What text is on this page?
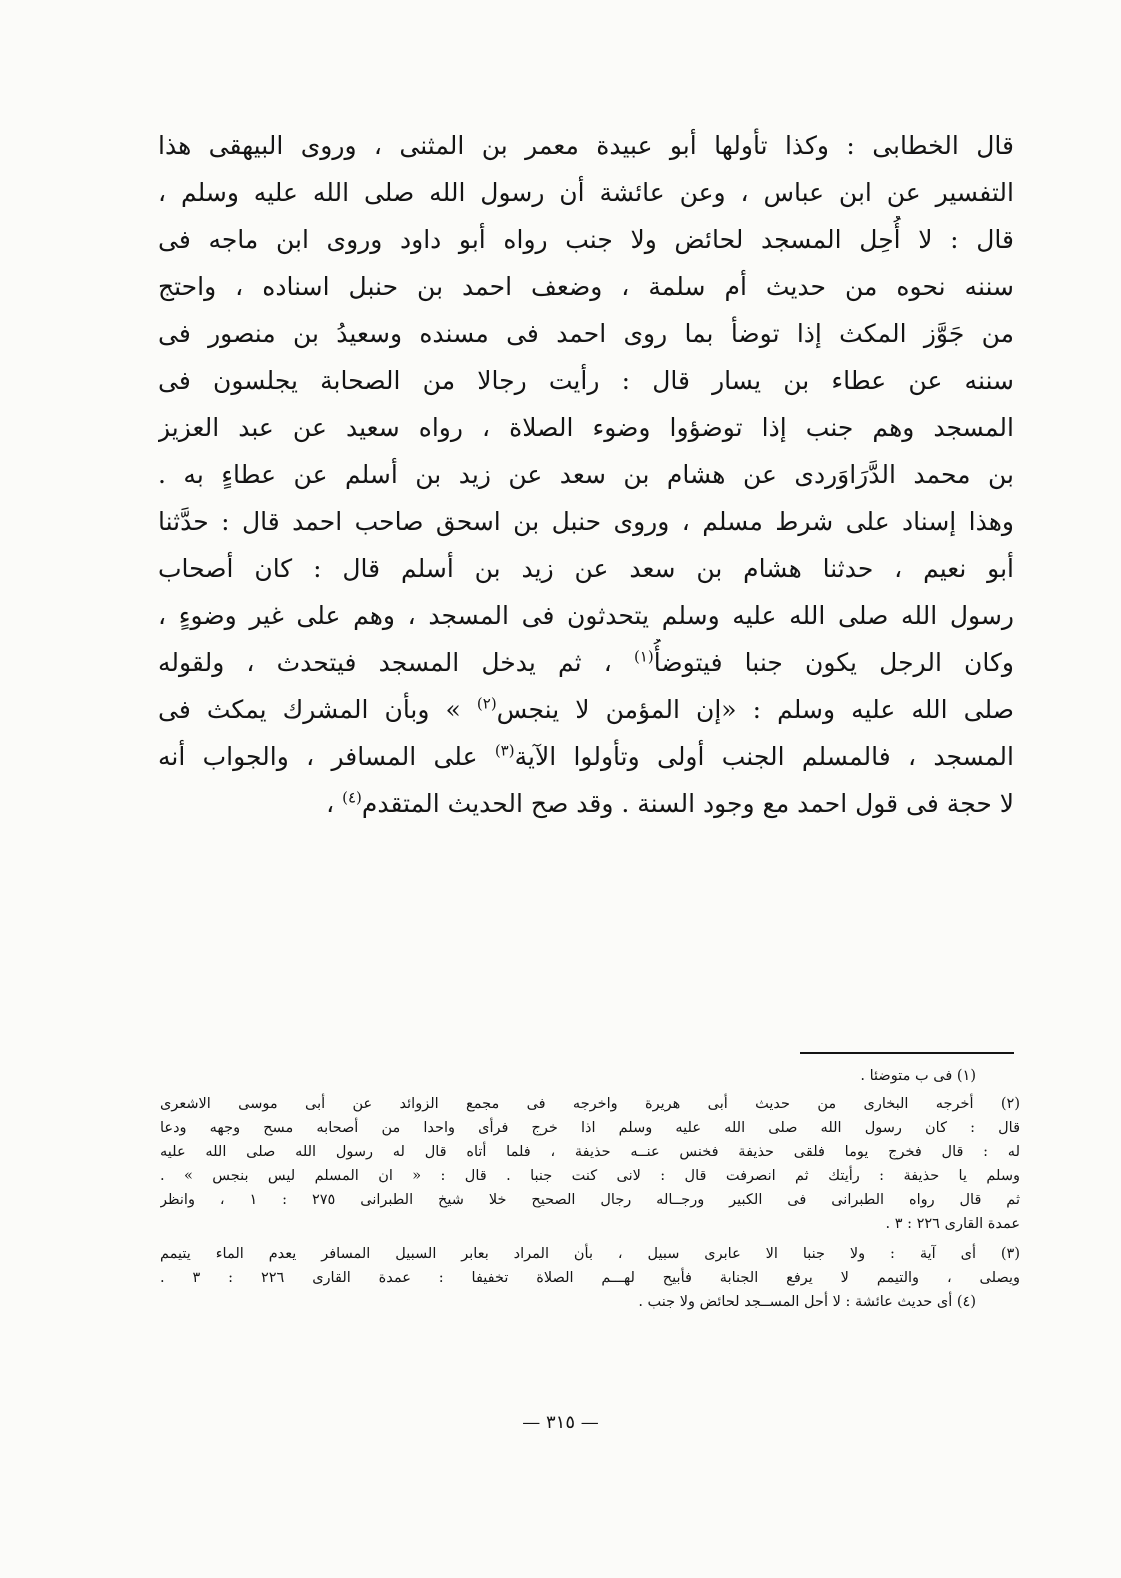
قال الخطابى : وكذا تأولها أبو عبيدة معمر بن المثنى ، وروى البيهقى هذا
التفسير عن ابن عباس ، وعن عائشة أن رسول الله صلى الله عليه وسلم ،
قال : لا أُحِل المسجد لحائض ولا جنب رواه أبو داود وروى ابن ماجه فى
سننه نحوه من حديث أم سلمة ، وضعف احمد بن حنبل اسناده ، واحتج
من جَوَّز المكث إذا توضأ بما روى احمد فى مسنده وسعيدُ بن منصور فى
سننه عن عطاء بن يسار قال : رأيت رجالا من الصحابة يجلسون فى
المسجد وهم جنب إذا توضؤوا وضوء الصلاة ، رواه سعيد عن عبد العزيز
بن محمد الدَّرَاوَردى عن هشام بن سعد عن زيد بن أسلم عن عطاءٍ به .
وهذا إسناد على شرط مسلم ، وروى حنبل بن اسحق صاحب احمد قال : حدَّثنا
أبو نعيم ، حدثنا هشام بن سعد عن زيد بن أسلم قال : كان أصحاب
رسول الله صلى الله عليه وسلم يتحدثون فى المسجد ، وهم على غير وضوءٍ ،
وكان الرجل يكون جنبا فيتوضأُ$^{(١)}$ ، ثم يدخل المسجد فيتحدث ، ولقوله
صلى الله عليه وسلم : «إن المؤمن لا ينجس$^{(٢)}$ » وبأن المشرك يمكث فى
المسجد ، فالمسلم الجنب أولى وتأولوا الآية$^{(٣)}$ على المسافر ، والجواب أنه
لا حجة فى قول احمد مع وجود السنة . وقد صح الحديث المتقدم$^{(٤)}$ ،
(١) فى ب متوضئا .
(٢) أخرجه البخارى من حديث أبى هريرة واخرجه فى مجمع الزوائد عن أبى موسى الاشعرى
قال : كان رسول الله صلى الله عليه وسلم اذا خرج فرأى واحدا من أصحابه مسح وجهه ودعا
له : قال فخرج يوما فلقى حذيفة فخنس عنــه حذيفة ، فلما أتاه قال له رسول الله صلى الله عليه
وسلم يا حذيفة : رأيتك ثم انصرفت قال : لانى كنت جنبا . قال : « ان المسلم ليس بنجس » .
ثم قال رواه الطبرانى فى الكبير ورجــاله رجال الصحيح خلا شيخ الطبرانى ٢٧٥ : ١ ، وانظر
عمدة القارى ٢٢٦ : ٣ .
(٣) أى آية : ولا جنبا الا عابرى سبيل ، بأن المراد بعابر السبيل المسافر يعدم الماء يتيمم
ويصلى ، والتيمم لا يرفع الجنابة فأبيح لهـــم الصلاة تخفيفا : عمدة القارى ٢٢٦ : ٣ .
(٤) أى حديث عائشة : لا أحل المســجد لحائض ولا جنب .
— ٣١٥ —
